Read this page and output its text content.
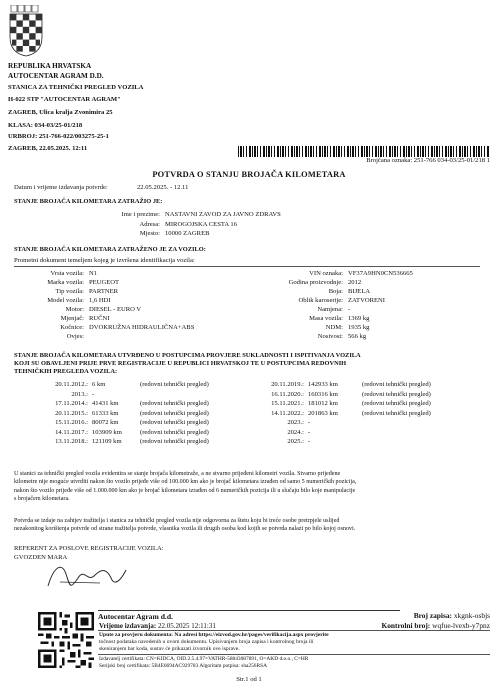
REPUBLIKA HRVATSKA
AUTOCENTAR AGRAM D.D.
STANICA ZA TEHNIČKI PREGLED VOZILA
H-022 STP "AUTOCENTAR AGRAM"
ZAGREB, Ulica kralja Zvonimira 25
KLASA: 034-03/25-01/218
URBROJ: 251-766-022/003275-25-1
ZAGREB, 22.05.2025. 12:11
Brojčana oznaka: 251-766 034-03/25-01/218 1
POTVRDA O STANJU BROJAČA KILOMETARA
Datum i vrijeme izdavanja potvrde:	22.05.2025. - 12.11
STANJE BROJAČA KILOMETARA ZATRAŽIO JE:
Ime i prezime: NASTAVNI ZAVOD ZA JAVNO ZDRAVS
Adresa: MIROGOJSKA CESTA 16
Mjesto: 10000 ZAGREB
STANJE BROJAČA KILOMETARA ZATRAŽENO JE ZA VOZILO:
Prometni dokument temeljem kojeg je izvršena identifikacija vozila:
Vrsta vozila: N1
Marka vozila: PEUGEOT
Tip vozila: PARTNER
Model vozila: 1,6 HDI
Motor: DIESEL - EURO V
Mjenjač: RUČNI
Kočnice: DVOKRUŽNA HIDRAULIČNA+ABS
Ovjes:
VIN oznaka: VF37A9HN0CN536665
Godina proizvodnje: 2012
Boja: BIJELA
Oblik karoserije: ZATVORENI
Namjena: -
Masa vozila: 1369 kg
NDM: 1935 kg
Nosivost: 566 kg
STANJE BROJAČA KILOMETARA UTVRĐENO U POSTUPCIMA PROVJERE SUKLADNOSTI I ISPITIVANJA VOZILA
KOJI SU OBAVLJENI PRIJE PRVE REGISTRACIJE U REPUBLICI HRVATSKOJ TE U POSTUPCIMA REDOVNIH
TEHNIČKIH PREGLEDA VOZILA:
20.11.2012.: 6 km	(redovni tehnički pregled)
2013.: -
17.11.2014.: 41431 km	(redovni tehnički pregled)
20.11.2015.: 61333 km	(redovni tehnički pregled)
15.11.2016.: 80072 km	(redovni tehnički pregled)
14.11.2017.: 103909 km	(redovni tehnički pregled)
13.11.2018.: 121109 km	(redovni tehnički pregled)
20.11.2019.: 142933 km	(redovni tehnički pregled)
16.11.2020.: 160316 km	(redovni tehnički pregled)
15.11.2021.: 181012 km	(redovni tehnički pregled)
14.11.2022.: 201863 km	(redovni tehnički pregled)
2023.: -
2024.: -
2025.: -
U stanici za tehnički pregled vozila evidentira se stanje brojača kilometraže, a ne stvarno prijeđeni kilometri vozila. Stvarno prijeđene
kilometre nije moguće utvrditi nakon što vozilo prijeđe više od 100.000 km ako je brojač kilometara izrađen od samo 5 numeričkih pozicija,
nakon što vozilo prijeđe više od 1.000.000 km ako je brojač kilometara izrađen od 6 numeričkih pozicija ili u slučaju bilo koje manipulacije
s brojačem kilometara.
Potvrda se izdaje na zahtjev tražitelja i stanica za tehnički pregled vozila nije odgovorna za štetu koju bi treće osobe pretrpjele uslijed
nezakonitog korištenja potvrde od strane tražitelja potvrde, vlasnika vozila ili drugih osoba kod kojih se potvrda nalazi po bilo kojoj osnovi.
REFERENT ZA POSLOVE REGISTRACIJE VOZILA:
GVOZDEN MARA
Autocentar Agram d.d.
Vrijeme izdavanja: 22.05.2025 12:11:31
Broj zapisa: xkgnk-osbjs
Kontrolni broj: wqfue-lvexb-y7pnz
Upute za provjeru dokumenta: Na adresi https://eizvod.gov.hr/pages/verifikacija.aspx provjerite
točnost podataka navedenih u ovom dokumentu. Upisivanjem broja zapisa i kontrolnog broja ili
skeniranjem bar koda, sustav će prikazati izvornik ove isprave.
Izdavatelj certifikata: CN=KIDCA, OID.2.5.4.97=VATHR-58843087891, O=AKD d.o.o., C=HR
Serijski broj certifikata: 5B4E6694AC929783 Algoritam potpisa: sha256RSA
Str.1 od 1
